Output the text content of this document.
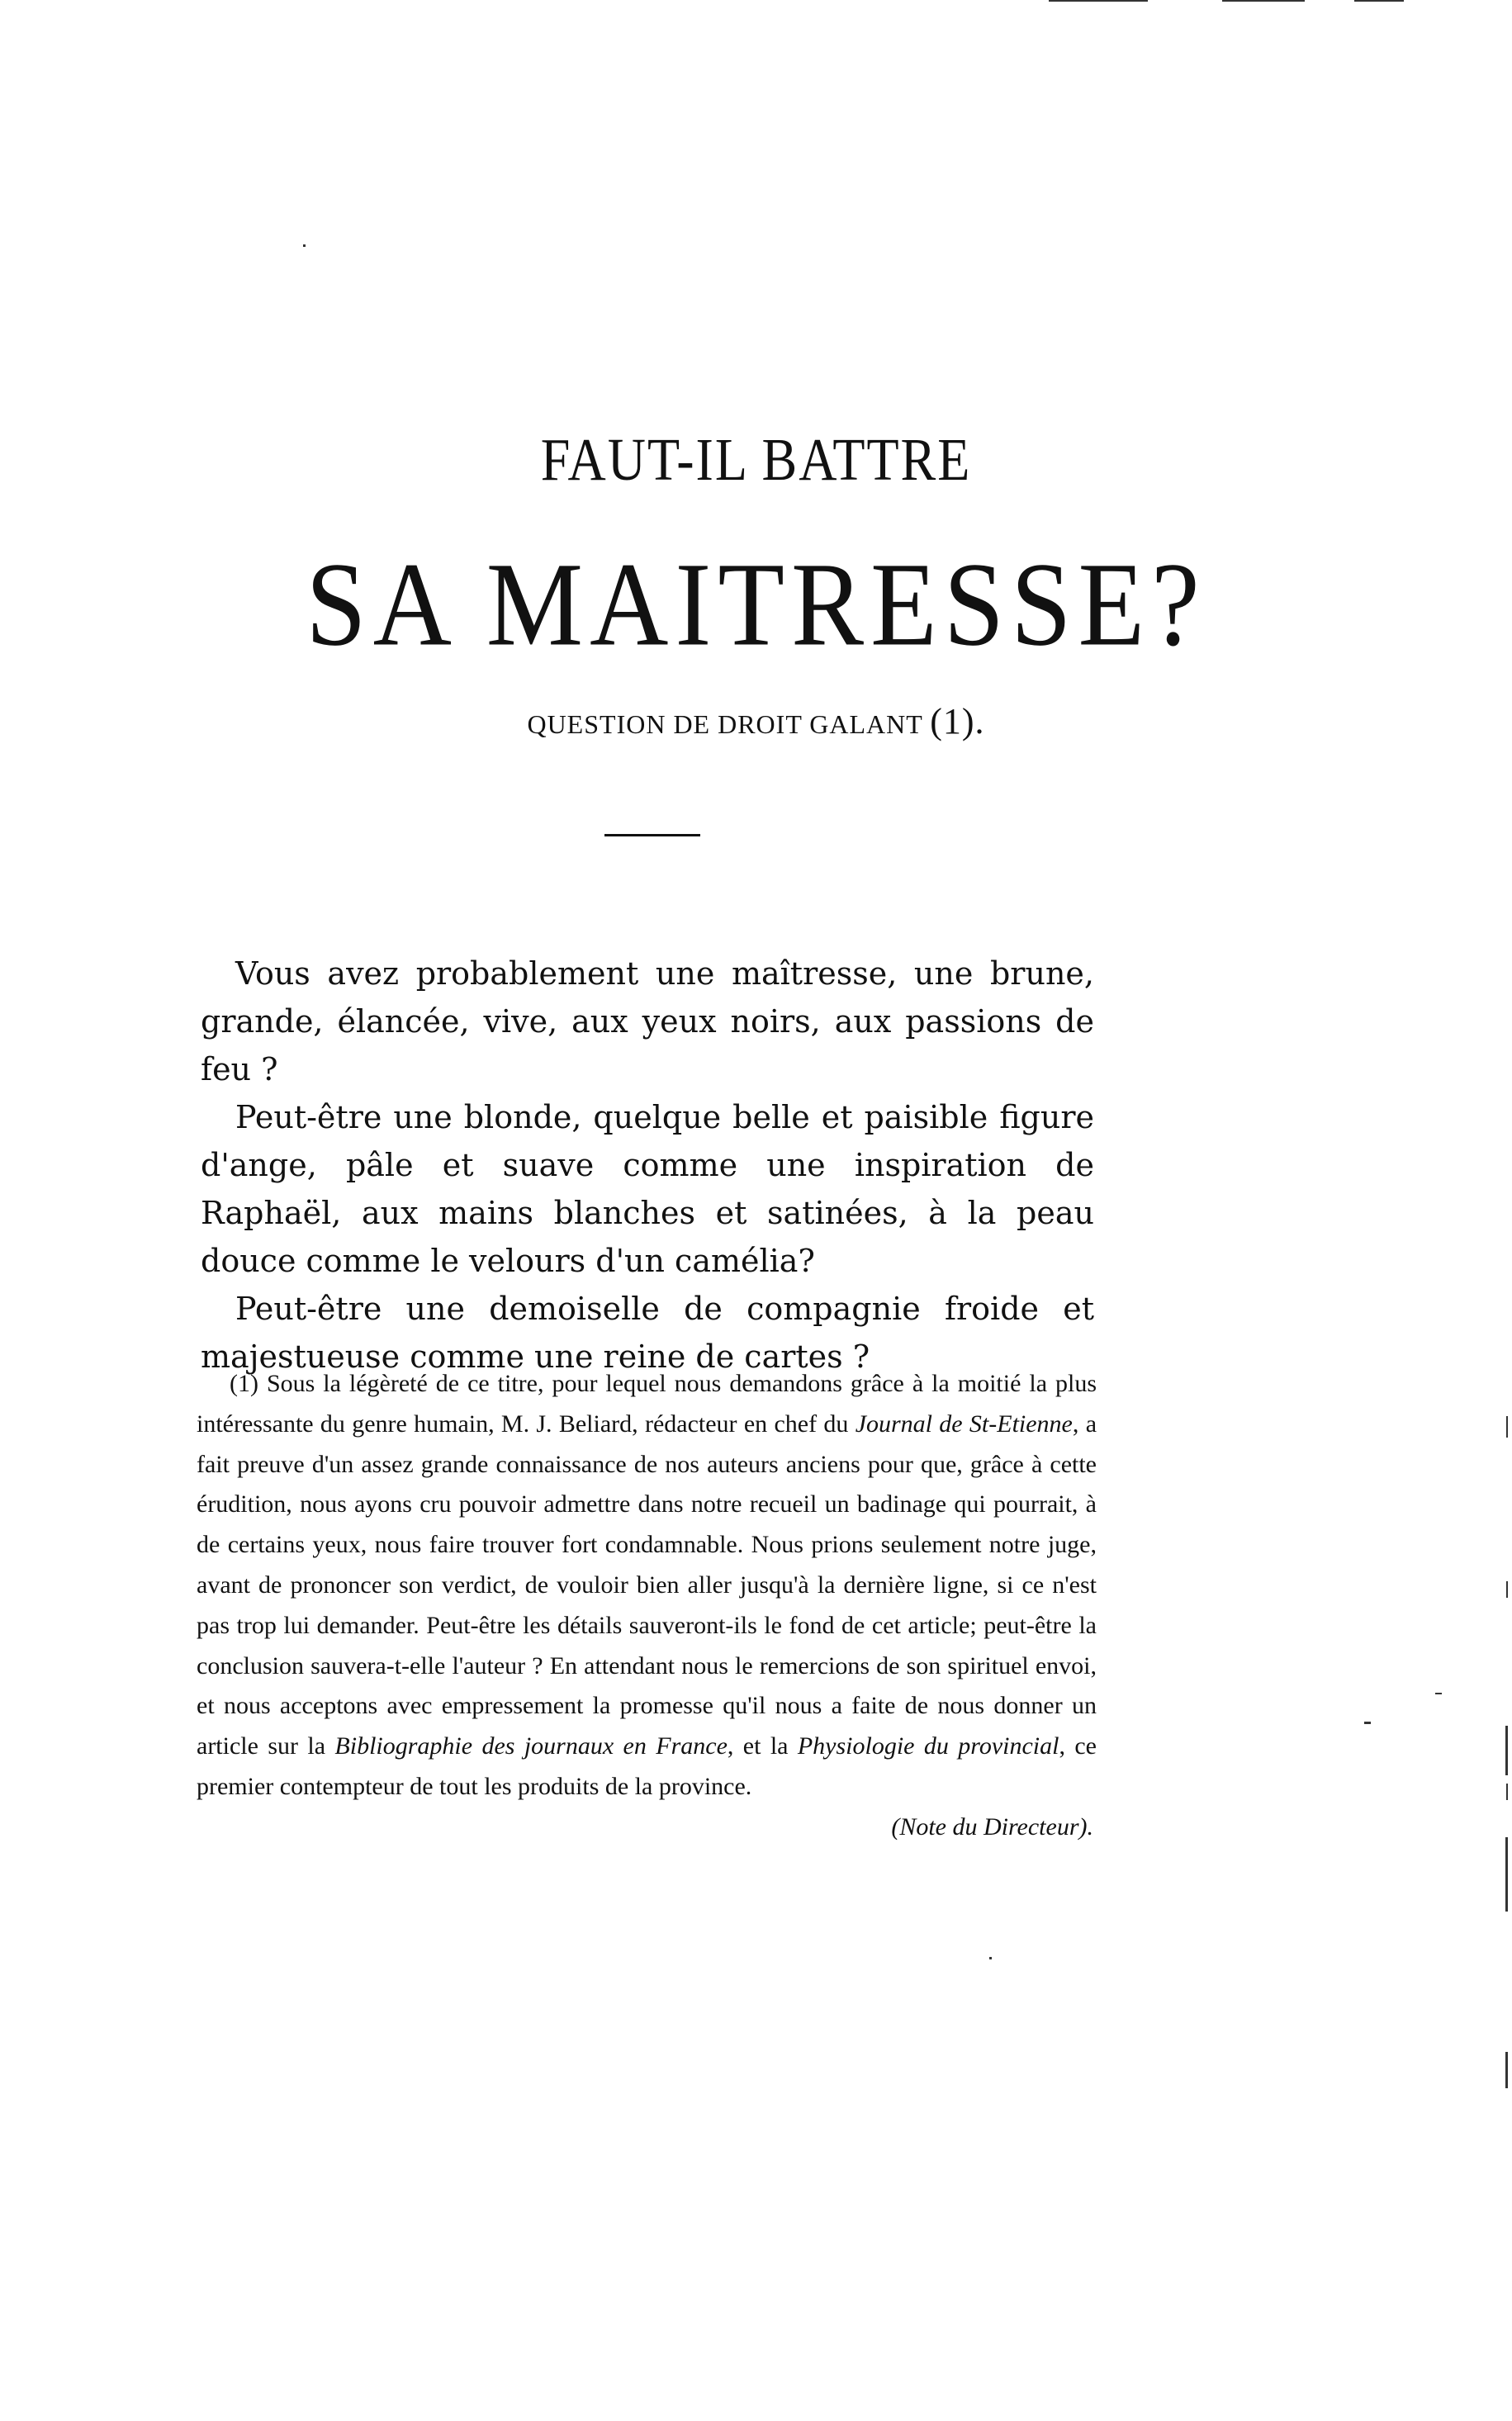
FAUT-IL BATTRE
SA MAITRESSE?
QUESTION DE DROIT GALANT (1).

Vous avez probablement une maîtresse, une brune, grande, élancée, vive, aux yeux noirs, aux passions de feu ?

Peut-être une blonde, quelque belle et paisible figure d'ange, pâle et suave comme une inspiration de Raphaël, aux mains blanches et satinées, à la peau douce comme le velours d'un camélia?

Peut-être une demoiselle de compagnie froide et majestueuse comme une reine de cartes ?

(1) Sous la légèreté de ce titre, pour lequel nous demandons grâce à la moitié la plus intéressante du genre humain, M. J. Beliard, rédacteur en chef du Journal de St-Etienne, a fait preuve d'un assez grande connaissance de nos auteurs anciens pour que, grâce à cette érudition, nous ayons cru pouvoir admettre dans notre recueil un badinage qui pourrait, à de certains yeux, nous faire trouver fort condamnable. Nous prions seulement notre juge, avant de prononcer son verdict, de vouloir bien aller jusqu'à la dernière ligne, si ce n'est pas trop lui demander. Peut-être les détails sauveront-ils le fond de cet article; peut-être la conclusion sauvera-t-elle l'auteur ? En attendant nous le remercions de son spirituel envoi, et nous acceptons avec empressement la promesse qu'il nous a faite de nous donner un article sur la Bibliographie des journaux en France, et la Physiologie du provincial, ce premier contempteur de tout les produits de la province.

(Note du Directeur).
